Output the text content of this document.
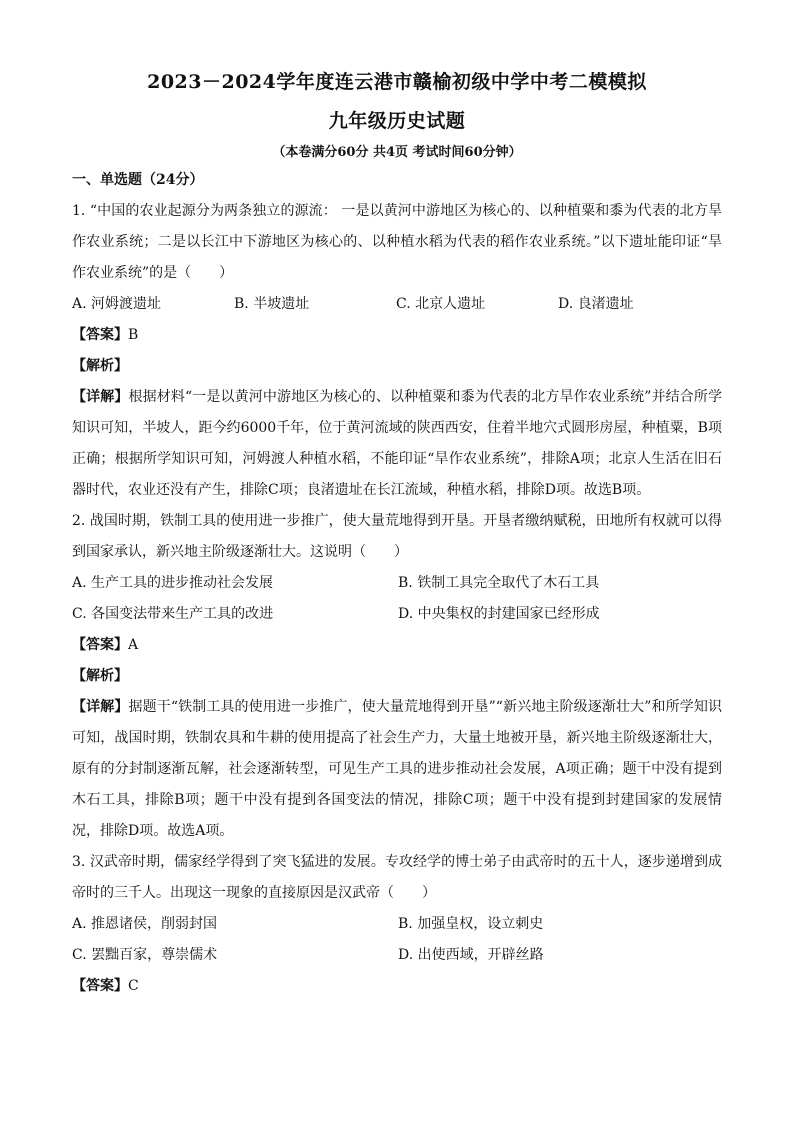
2023－2024学年度连云港市赣榆初级中学中考二模模拟
九年级历史试题
（本卷满分60分 共4页 考试时间60分钟）
一、单选题（24分）

1. “中国的农业起源分为两条独立的源流： 一是以黄河中游地区为核心的、以种植粟和黍为代表的北方旱作农业系统；二是以长江中下游地区为核心的、以种植水稻为代表的稻作农业系统。”以下遗址能印证“旱作农业系统”的是（　　）

A. 河姆渡遗址	B. 半坡遗址	C. 北京人遗址	D. 良渚遗址
【答案】B
【解析】
【详解】根据材料“一是以黄河中游地区为核心的、以种植粟和黍为代表的北方旱作农业系统”并结合所学知识可知，半坡人，距今约6000千年，位于黄河流域的陕西西安，住着半地穴式圆形房屋，种植粟，B项正确；根据所学知识可知，河姆渡人种植水稻，不能印证“旱作农业系统”，排除A项；北京人生活在旧石器时代，农业还没有产生，排除C项；良渚遗址在长江流域，种植水稻，排除D项。故选B项。

2. 战国时期，铁制工具的使用进一步推广，使大量荒地得到开垦。开垦者缴纳赋税，田地所有权就可以得到国家承认，新兴地主阶级逐渐壮大。这说明（　　）

A. 生产工具的进步推动社会发展	B. 铁制工具完全取代了木石工具
C. 各国变法带来生产工具的改进	D. 中央集权的封建国家已经形成
【答案】A
【解析】
【详解】据题干“铁制工具的使用进一步推广，使大量荒地得到开垦”“新兴地主阶级逐渐壮大”和所学知识可知，战国时期，铁制农具和牛耕的使用提高了社会生产力，大量土地被开垦，新兴地主阶级逐渐壮大，原有的分封制逐渐瓦解，社会逐渐转型，可见生产工具的进步推动社会发展，A项正确；题干中没有提到木石工具，排除B项；题干中没有提到各国变法的情况，排除C项；题干中没有提到封建国家的发展情况，排除D项。故选A项。

3. 汉武帝时期，儒家经学得到了突飞猛进的发展。专攻经学的博士弟子由武帝时的五十人，逐步递增到成帝时的三千人。出现这一现象的直接原因是汉武帝（　　）

A. 推恩诸侯，削弱封国	B. 加强皇权，设立刺史
C. 罢黜百家，尊崇儒术	D. 出使西域，开辟丝路
【答案】C
